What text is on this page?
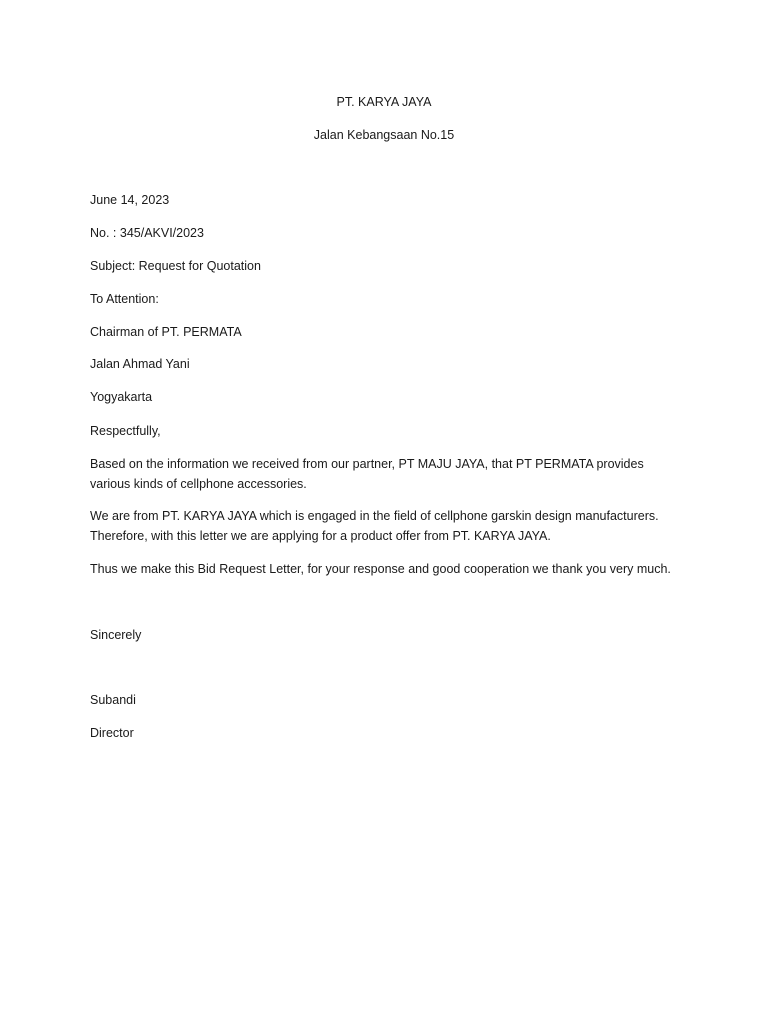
PT. KARYA JAYA

Jalan Kebangsaan No.15

June 14, 2023

No. : 345/AKVI/2023

Subject: Request for Quotation

To Attention:

Chairman of PT. PERMATA

Jalan Ahmad Yani

Yogyakarta

Respectfully,

Based on the information we received from our partner, PT MAJU JAYA, that PT PERMATA provides
various kinds of cellphone accessories.
We are from PT. KARYA JAYA which is engaged in the field of cellphone garskin design manufacturers.
Therefore, with this letter we are applying for a product offer from PT. KARYA JAYA.

Thus we make this Bid Request Letter, for your response and good cooperation we thank you very much.

Sincerely

Subandi

Director
